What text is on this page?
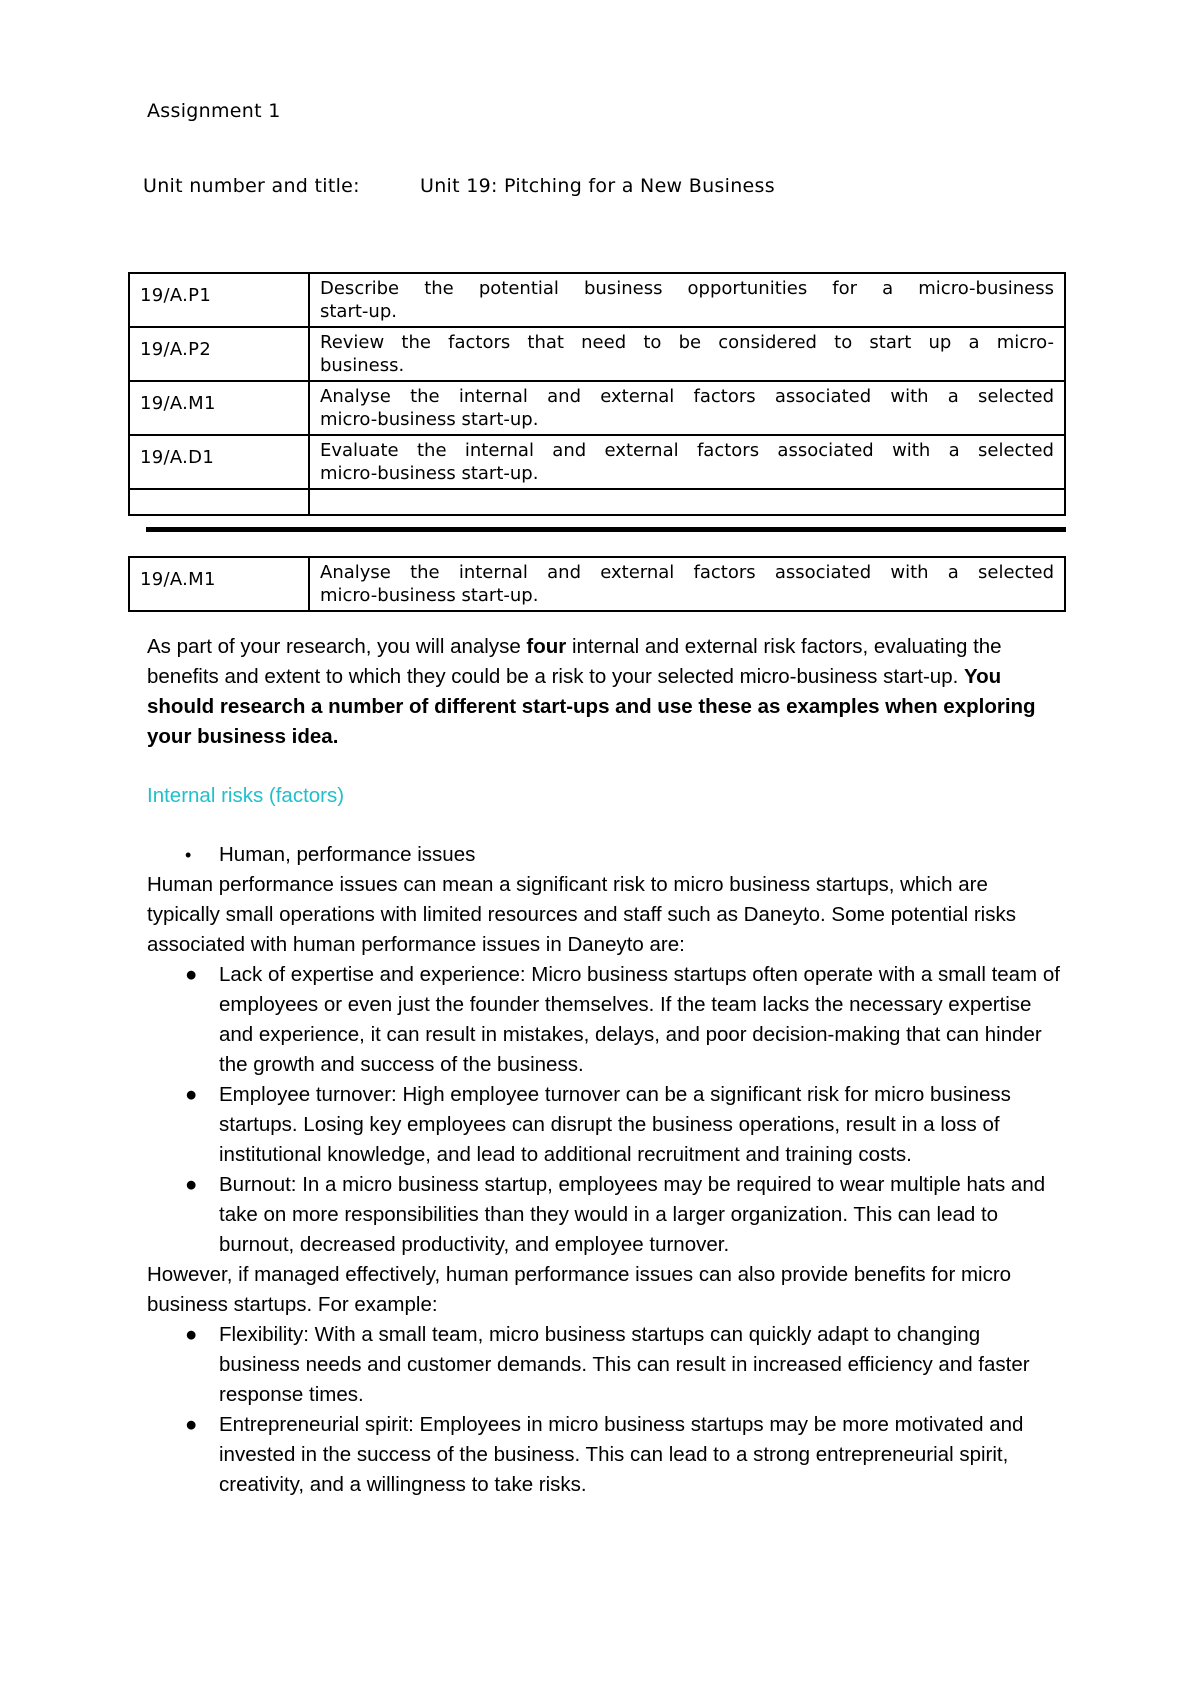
Assignment 1
Unit number and title:	Unit 19: Pitching for a New Business
19/A.P1	Describe the potential business opportunities for a micro-business
start-up.

19/A.P2	Review the factors that need to be considered to start up a micro-
business.

19/A.M1	Analyse the internal and external factors associated with a selected
micro-business start-up.

19/A.D1	Evaluate the internal and external factors associated with a selected
micro-business start-up.

19/A.M1	Analyse the internal and external factors associated with a selected
micro-business start-up.
As part of your research, you will analyse four internal and external risk factors, evaluating the benefits and extent to which they could be a risk to your selected micro-business start-up. You should research a number of different start-ups and use these as examples when exploring your business idea.
Internal risks (factors)
• Human, performance issues

Human performance issues can mean a significant risk to micro business startups, which are typically small operations with limited resources and staff such as Daneyto. Some potential risks associated with human performance issues in Daneyto are:

● Lack of expertise and experience: Micro business startups often operate with a small team of employees or even just the founder themselves. If the team lacks the necessary expertise and experience, it can result in mistakes, delays, and poor decision-making that can hinder the growth and success of the business.
● Employee turnover: High employee turnover can be a significant risk for micro business startups. Losing key employees can disrupt the business operations, result in a loss of institutional knowledge, and lead to additional recruitment and training costs.
● Burnout: In a micro business startup, employees may be required to wear multiple hats and take on more responsibilities than they would in a larger organization. This can lead to burnout, decreased productivity, and employee turnover.

However, if managed effectively, human performance issues can also provide benefits for micro business startups. For example:

● Flexibility: With a small team, micro business startups can quickly adapt to changing business needs and customer demands. This can result in increased efficiency and faster response times.
● Entrepreneurial spirit: Employees in micro business startups may be more motivated and invested in the success of the business. This can lead to a strong entrepreneurial spirit, creativity, and a willingness to take risks.
